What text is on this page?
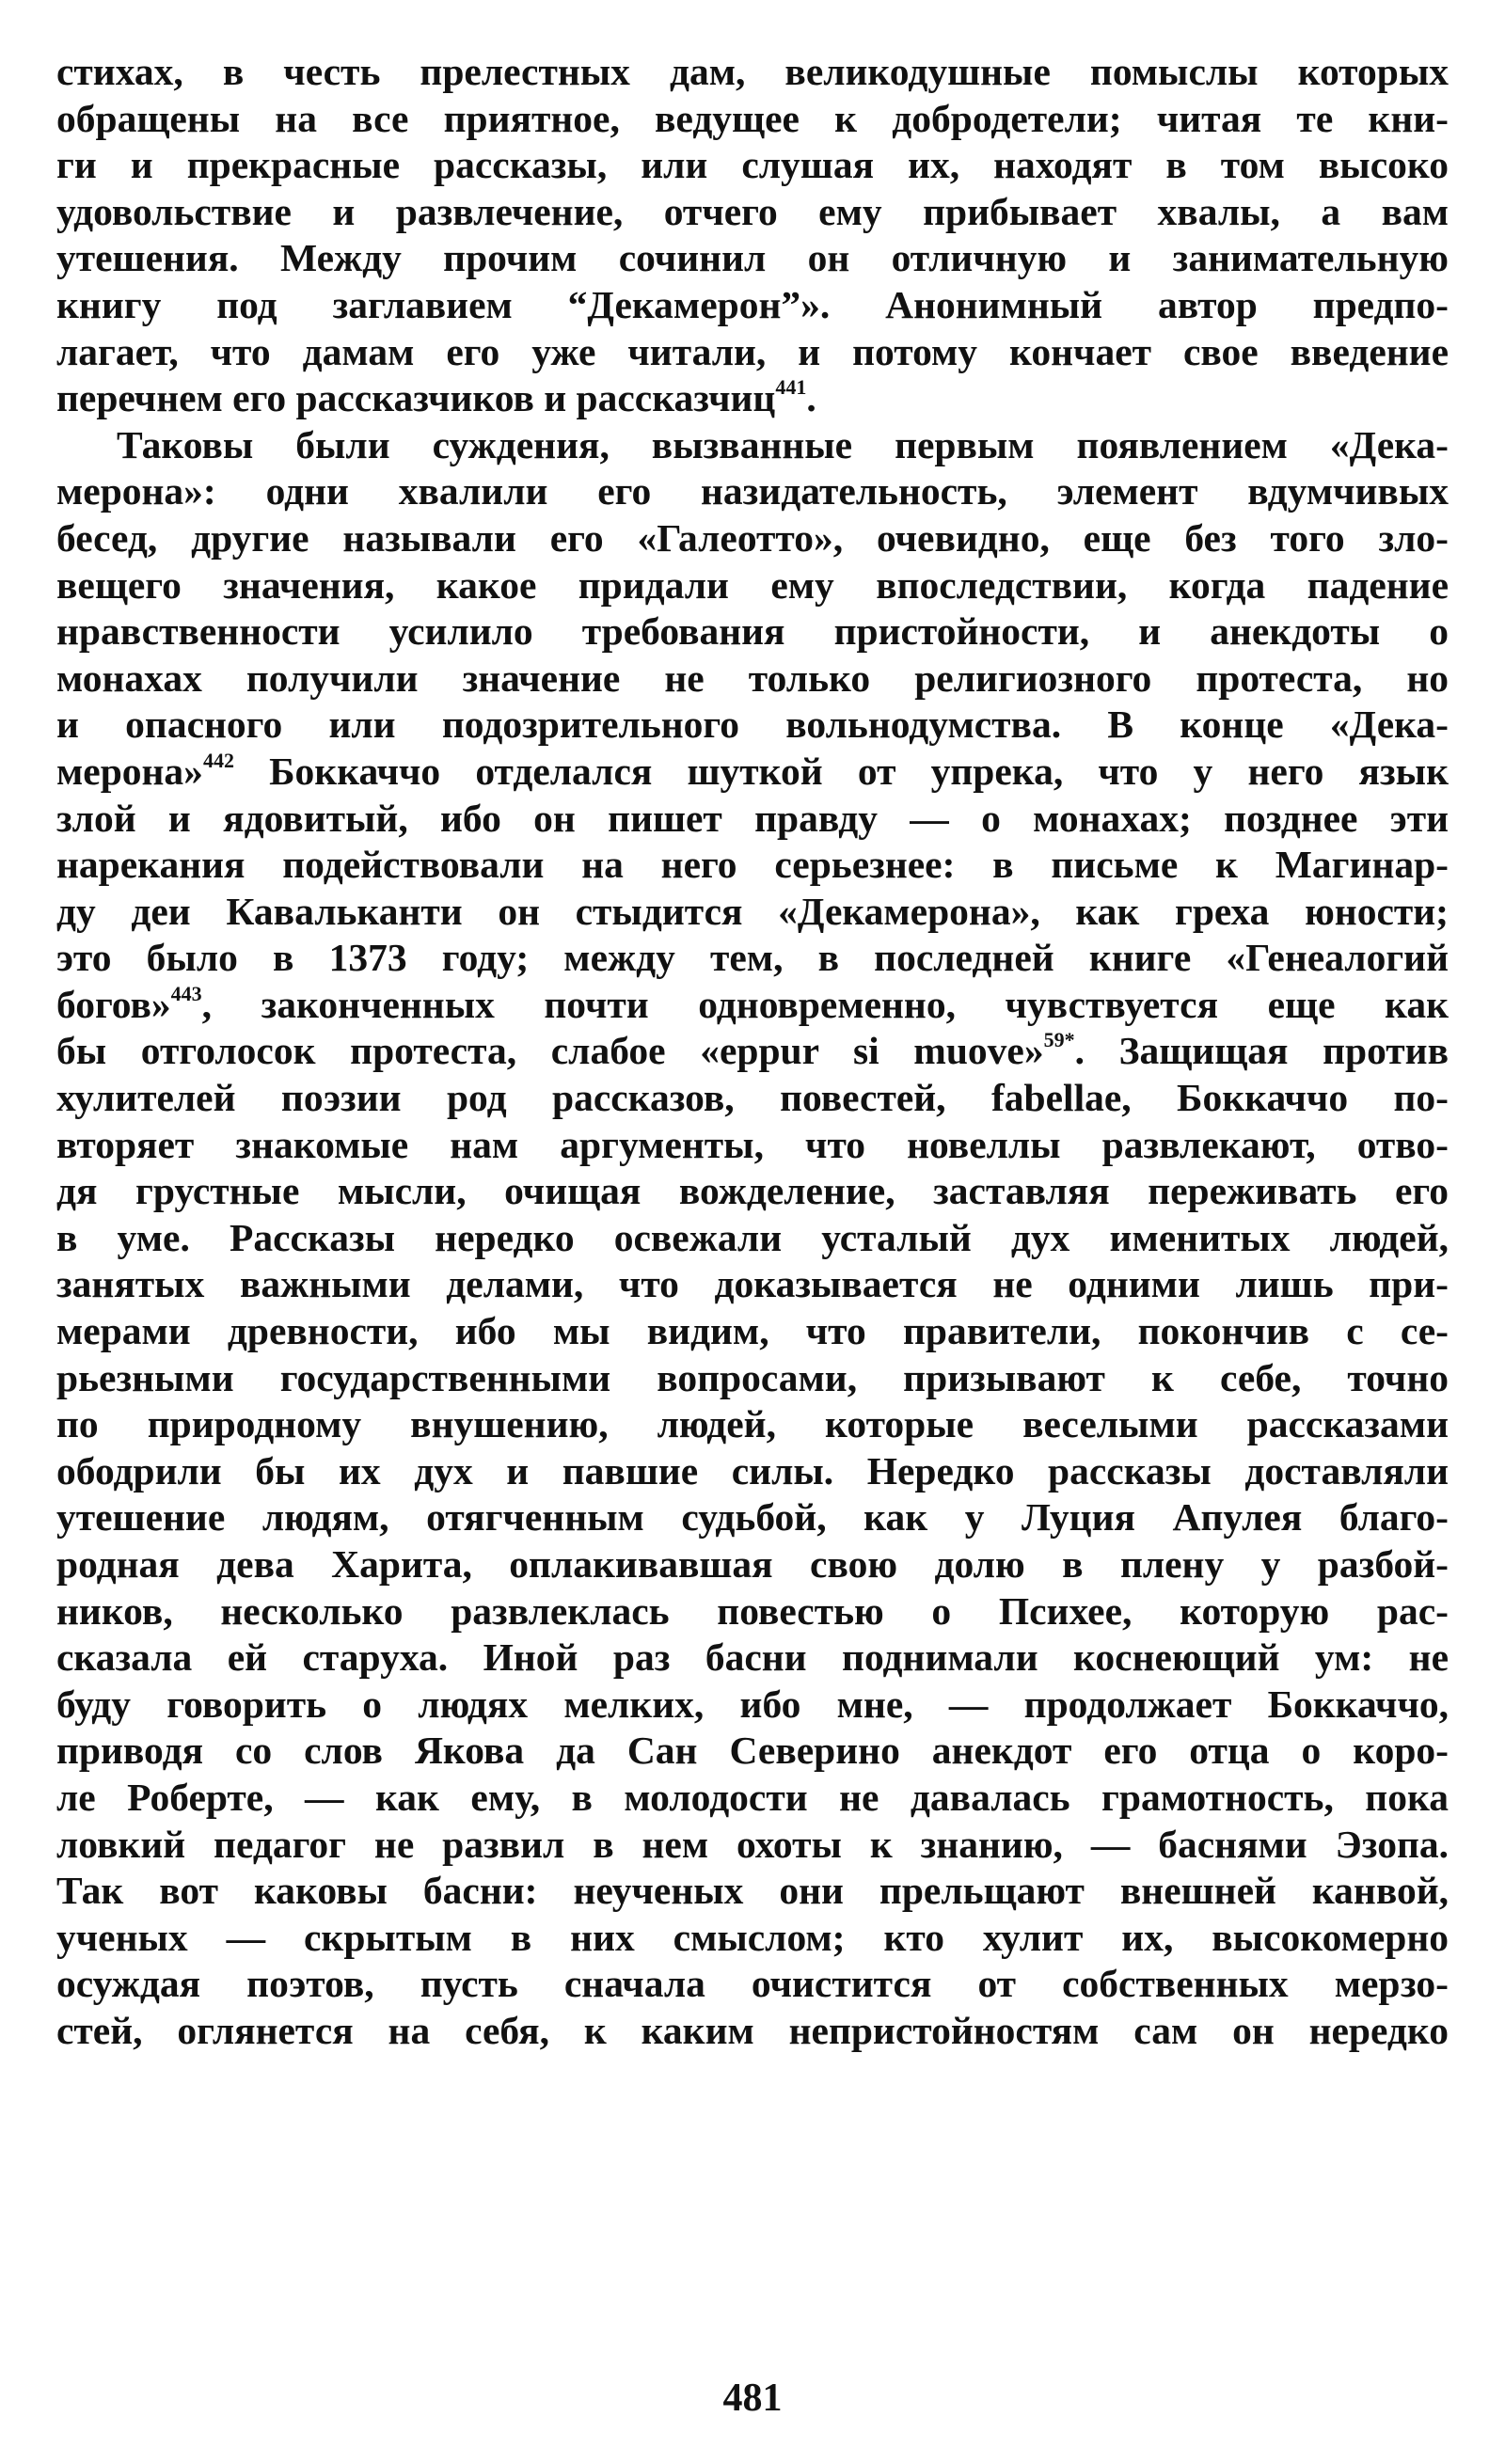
стихах, в честь прелестных дам, великодушные помыслы которых
обращены на все приятное, ведущее к добродетели; читая те кни-
ги и прекрасные рассказы, или слушая их, находят в том высоко
удовольствие и развлечение, отчего ему прибывает хвалы, а вам
утешения. Между прочим сочинил он отличную и занимательную
книгу под заглавием “Декамерон”». Анонимный автор предпо-
лагает, что дамам его уже читали, и потому кончает свое введение
перечнем его рассказчиков и рассказчиц$^{441}$.
Таковы были суждения, вызванные первым появлением «Дека-
мерона»: одни хвалили его назидательность, элемент вдумчивых
бесед, другие называли его «Галеотто», очевидно, еще без того зло-
вещего значения, какое придали ему впоследствии, когда падение
нравственности усилило требования пристойности, и анекдоты о
монахах получили значение не только религиозного протеста, но
и опасного или подозрительного вольнодумства. В конце «Дека-
мерона»$^{442}$ Боккаччо отделался шуткой от упрека, что у него язык
злой и ядовитый, ибо он пишет правду — о монахах; позднее эти
нарекания подействовали на него серьезнее: в письме к Магинар-
ду деи Кавальканти он стыдится «Декамерона», как греха юности;
это было в 1373 году; между тем, в последней книге «Генеалогий
богов»$^{443}$, законченных почти одновременно, чувствуется еще как
бы отголосок протеста, слабое «eppur si muove»$^{59*}$. Защищая против
хулителей поэзии род рассказов, повестей, fabellae, Боккаччо по-
вторяет знакомые нам аргументы, что новеллы развлекают, отво-
дя грустные мысли, очищая вожделение, заставляя переживать его
в уме. Рассказы нередко освежали усталый дух именитых людей,
занятых важными делами, что доказывается не одними лишь при-
мерами древности, ибо мы видим, что правители, покончив с се-
рьезными государственными вопросами, призывают к себе, точно
по природному внушению, людей, которые веселыми рассказами
ободрили бы их дух и павшие силы. Нередко рассказы доставляли
утешение людям, отягченным судьбой, как у Луция Апулея благо-
родная дева Харита, оплакивавшая свою долю в плену у разбой-
ников, несколько развлеклась повестью о Психее, которую рас-
сказала ей старуха. Иной раз басни поднимали коснеющий ум: не
буду говорить о людях мелких, ибо мне, — продолжает Боккаччо,
приводя со слов Якова да Сан Северино анекдот его отца о коро-
ле Роберте, — как ему, в молодости не давалась грамотность, пока
ловкий педагог не развил в нем охоты к знанию, — баснями Эзопа.
Так вот каковы басни: неученых они прельщают внешней канвой,
ученых — скрытым в них смыслом; кто хулит их, высокомерно
осуждая поэтов, пусть сначала очистится от собственных мерзо-
стей, оглянется на себя, к каким непристойностям сам он нередко
481
